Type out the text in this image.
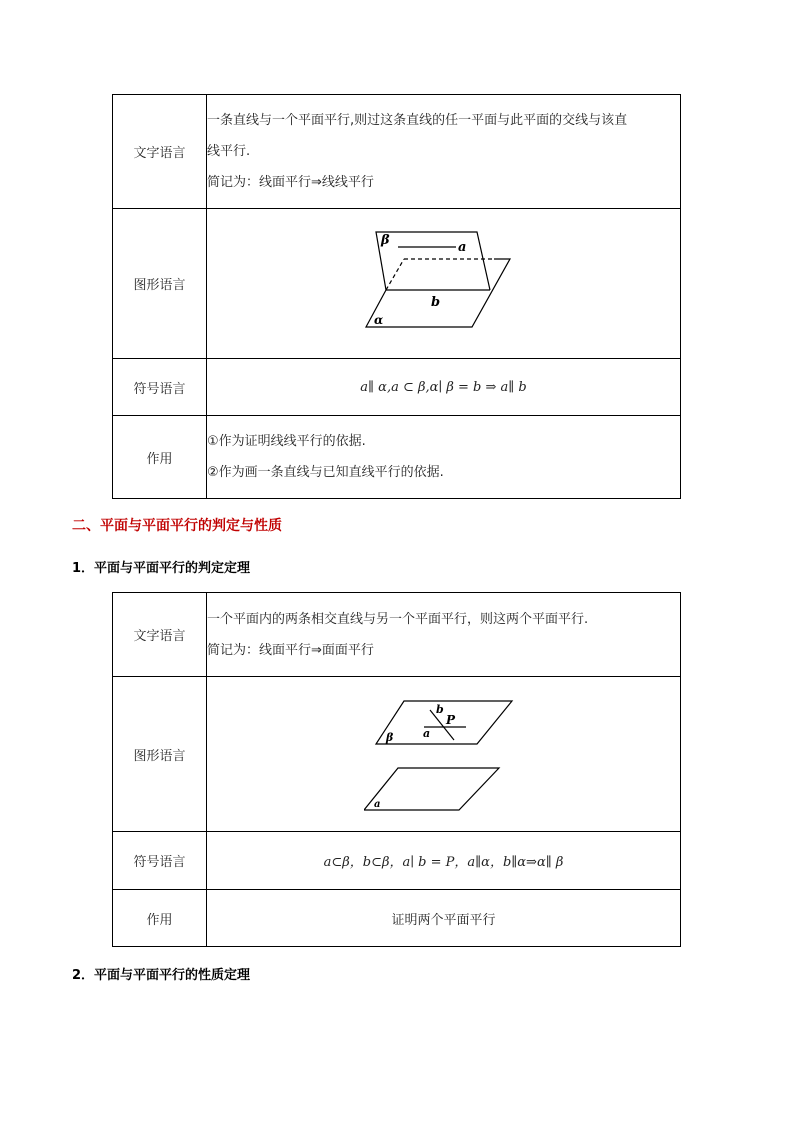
文字语言	一条直线与一个平面平行,则过这条直线的任一平面与此平面的交线与该直

线平行.

简记为：线面平行⇒线线平行

图形语言	β a
b
α

符号语言	a∥ α,a ⊂ β,α∣ β = b ⇒ a∥ b
作用	①作为证明线线平行的依据.

②作为画一条直线与已知直线平行的依据.

二、平面与平面平行的判定与性质
1．平面与平面平行的判定定理
文字语言	一个平面内的两条相交直线与另一个平面平行，则这两个平面平行.

简记为：线面平行⇒面面平行

图形语言	b
P
a
β
a

符号语言	a⊂β，b⊂β，a∣ b = P，a∥α，b∥α⇒α∥ β
作用	证明两个平面平行
2．平面与平面平行的性质定理
